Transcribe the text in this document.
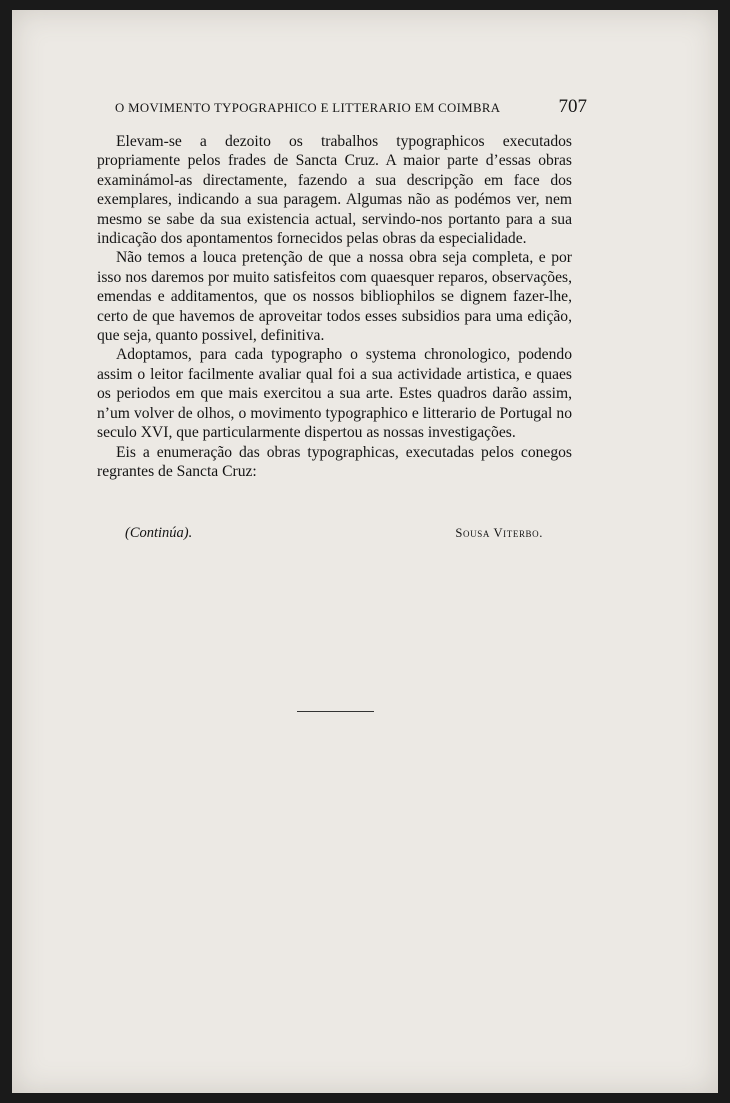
O MOVIMENTO TYPOGRAPHICO E LITTERARIO EM COIMBRA	707

Elevam-se a dezoito os trabalhos typographicos executados propriamente pelos frades de Sancta Cruz. A maior parte d’essas obras examinámol-as directamente, fazendo a sua descripção em face dos exemplares, indicando a sua paragem. Algumas não as podémos ver, nem mesmo se sabe da sua existencia actual, servindo-nos portanto para a sua indicação dos apontamentos fornecidos pelas obras da especialidade.

Não temos a louca pretenção de que a nossa obra seja completa, e por isso nos daremos por muito satisfeitos com quaesquer reparos, observações, emendas e additamentos, que os nossos bibliophilos se dignem fazer-lhe, certo de que havemos de aproveitar todos esses subsidios para uma edição, que seja, quanto possivel, definitiva.

Adoptamos, para cada typographo o systema chronologico, podendo assim o leitor facilmente avaliar qual foi a sua actividade artistica, e quaes os periodos em que mais exercitou a sua arte. Estes quadros darão assim, n’um volver de olhos, o movimento typographico e litterario de Portugal no seculo XVI, que particularmente dispertou as nossas investigações.

Eis a enumeração das obras typographicas, executadas pelos conegos regrantes de Sancta Cruz:

(Continúa).	Sousa Viterbo.
